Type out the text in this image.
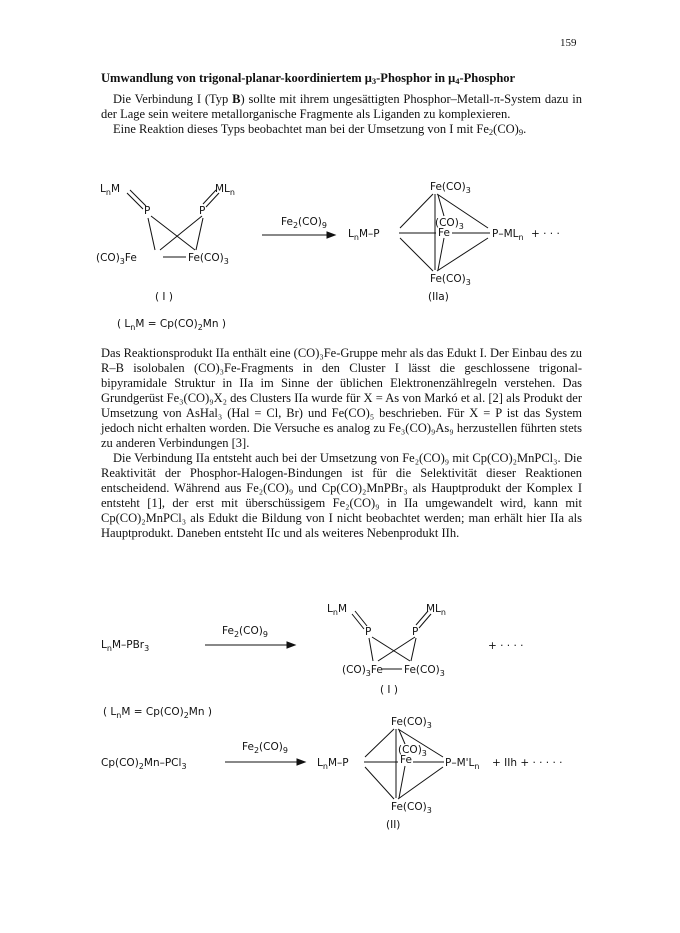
159
Umwandlung von trigonal-planar-koordiniertem $\mu_3$-Phosphor in $\mu_4$-Phosphor

Die Verbindung I (Typ B) sollte mit ihrem ungesättigten Phosphor–Metall-π-System dazu in der Lage sein weitere metallorganische Fragmente als Liganden zu komplexieren.

Eine Reaktion dieses Typs beobachtet man bei der Umsetzung von I mit $Fe_2(CO)_9$.

$L_nM$	$ML_n$
P	P
$(CO)_3Fe$	$Fe(CO)_3$
( I )
$Fe_2(CO)_9$
$Fe(CO)_3$
$L_nM-P$
$(CO)_3$
Fe	$P-ML_n$ + · · ·
$Fe(CO)_3$
(IIa)
( $L_nM = Cp(CO)_2Mn$ )

Das Reaktionsprodukt IIa enthält eine (CO)₃Fe-Gruppe mehr als das Edukt I. Der Einbau des zu R–B isolobalen (CO)₃Fe-Fragments in den Cluster I lässt die geschlossene trigonal-bipyramidale Struktur in IIa im Sinne der üblichen Elektronenzählregeln verstehen. Das Grundgerüst Fe₃(CO)₉X₂ des Clusters IIa wurde für X = As von Markó et al. [2] als Produkt der Umsetzung von AsHal₃ (Hal = Cl, Br) und Fe(CO)₅ beschrieben. Für X = P ist das System jedoch nicht erhalten worden. Die Versuche es analog zu Fe₃(CO)₉As₉ herzustellen führten stets zu anderen Verbindungen [3].

Die Verbindung IIa entsteht auch bei der Umsetzung von Fe₂(CO)₉ mit Cp(CO)₂MnPCl₃. Die Reaktivität der Phosphor-Halogen-Bindungen ist für die Selektivität dieser Reaktionen entscheidend. Während aus Fe₂(CO)₉ und Cp(CO)₂MnPBr₃ als Hauptprodukt der Komplex I entsteht [1], der erst mit überschüssigem Fe₂(CO)₉ in IIa umgewandelt wird, kann mit Cp(CO)₂MnPCl₃ als Edukt die Bildung von I nicht beobachtet werden; man erhält hier IIa als Hauptprodukt. Daneben entsteht IIc und als weiteres Nebenprodukt IIh.

$L_nM-PBr_3$
$Fe_2(CO)_9$
$L_nM$	$ML_n$
P	P
$(CO)_3Fe$ $Fe(CO)_3$
+ · · · ·
( I )
( $L_nM = Cp(CO)_2Mn$ )
$Cp(CO)_2Mn-PCl_3$
$Fe_2(CO)_9$
$Fe(CO)_3$
$L_nM-P$
$(CO)_3$
Fe	$P-M'L_n$ + IIh + · · · · ·
$Fe(CO)_3$
(II)
